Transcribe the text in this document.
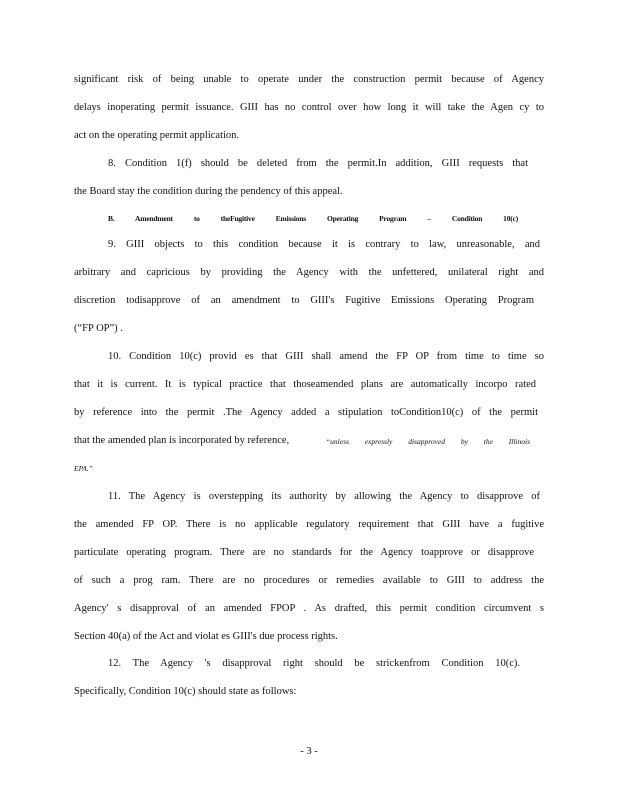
significant risk of being unable to operate under the construction permit because of Agency
delays inoperating permit issuance. GIII has no control over how long it will take the Agen cy to
act on the operating permit application.
8. Condition 1(f) should be deleted from the permit.In addition, GIII requests that
the Board stay the condition during the pendency of this appeal.
B. Amendment to theFugitive Emissions Operating Program – Condition 10(c)
9. GIII objects to this condition because it is contrary to law, unreasonable, and
arbitrary and capricious by providing the Agency with the unfettered, unilateral right and
discretion todisapprove of an amendment to GIII's Fugitive Emissions Operating Program
(“FP OP”) .
10. Condition 10(c) provid es that GIII shall amend the FP OP from time to time so
that it is current. It is typical practice that thoseamended plans are automatically incorpo rated
by reference into the permit .The Agency added a stipulation toCondition10(c) of the permit
that the amended plan is incorporated by reference,	“unless expressly disapproved by the Illinois
EPA.”
11. The Agency is overstepping its authority by allowing the Agency to disapprove of
the amended FP OP. There is no applicable regulatory requirement that GIII have a fugitive
particulate operating program. There are no standards for the Agency toapprove or disapprove
of such a prog ram. There are no procedures or remedies available to GIII to address the
Agency' s disapproval of an amended FPOP . As drafted, this permit condition circumvent s
Section 40(a) of the Act and violat es GIII's due process rights.
12. The Agency 's disapproval right should be strickenfrom Condition 10(c).
Specifically, Condition 10(c) should state as follows:
- 3 -
